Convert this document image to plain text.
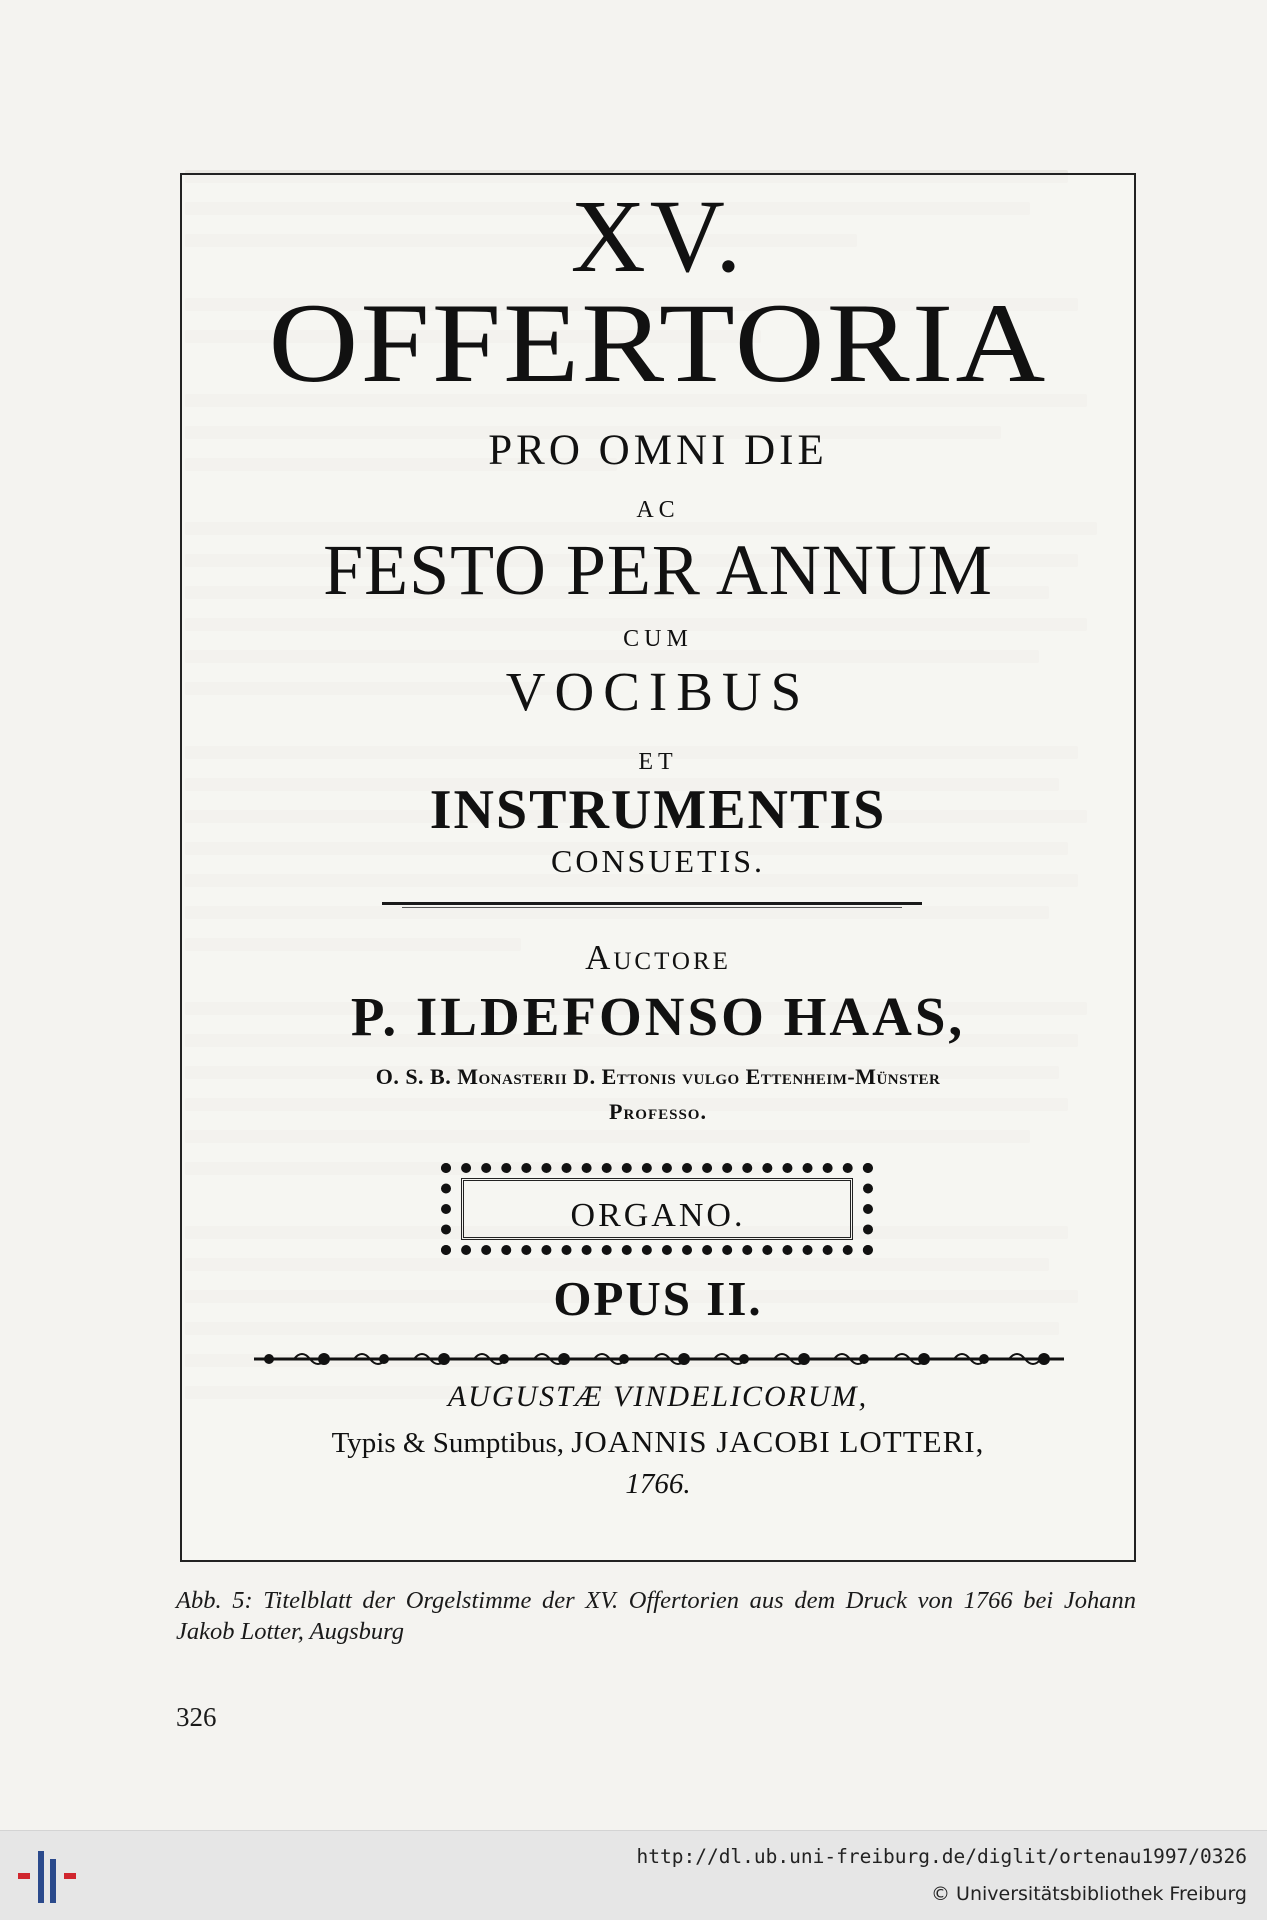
XV.

OFFERTORIA

PRO OMNI DIE

AC

FESTO PER ANNUM

CUM

VOCIBUS

ET

INSTRUMENTIS

CONSUETIS.

Auctore

P. ILDEFONSO HAAS,

O. S. B. Monasterii D. Ettonis vulgo Ettenheim-Münster

Professo.

ORGANO.

OPUS II.

AUGUSTÆ VINDELICORUM,

Typis & Sumptibus, JOANNIS JACOBI LOTTERI,

1766.

Abb. 5: Titelblatt der Orgelstimme der XV. Offertorien aus dem Druck von 1766 bei Johann Jakob Lotter, Augsburg

326

http://dl.ub.uni-freiburg.de/diglit/ortenau1997/0326

© Universitätsbibliothek Freiburg
